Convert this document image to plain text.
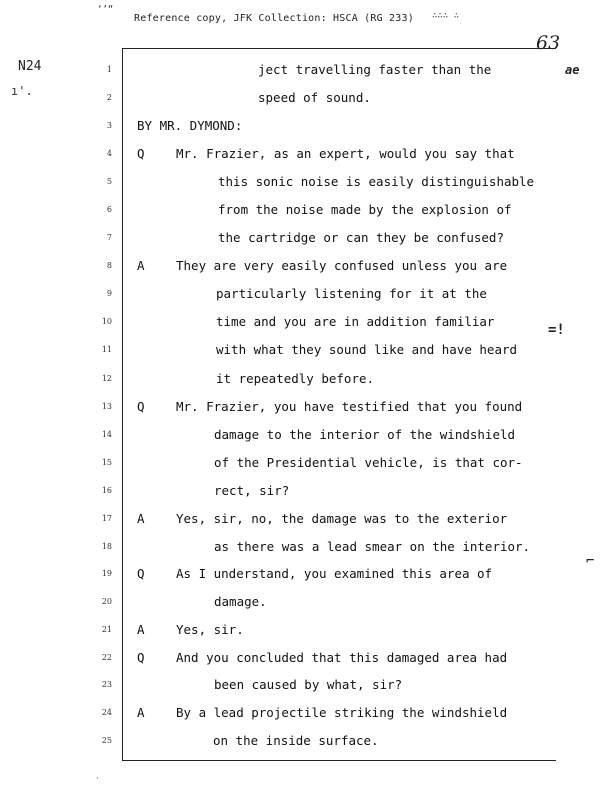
‘’“
Reference copy, JFK Collection: HSCA (RG 233) ∴∴∴ ∴
63
N24
ı'.
ae
=!
⌐
'
1	ject travelling faster than the
2	speed of sound.
3 BY MR. DYMOND:
4 Q	Mr. Frazier, as an expert, would you say that
5	this sonic noise is easily distinguishable
6	from the noise made by the explosion of
7	the cartridge or can they be confused?
8 A	They are very easily confused unless you are
9	particularly listening for it at the
10	time and you are in addition familiar
11	with what they sound like and have heard
12	it repeatedly before.
13 Q	Mr. Frazier, you have testified that you found
14	damage to the interior of the windshield
15	of the Presidential vehicle, is that cor-
16	rect, sir?
17 A	Yes, sir, no, the damage was to the exterior
18	as there was a lead smear on the interior.
19 Q	As I understand, you examined this area of
20	damage.
21 A	Yes, sir.
22 Q	And you concluded that this damaged area had
23	been caused by what, sir?
24 A	By a lead projectile striking the windshield
25	on the inside surface.
